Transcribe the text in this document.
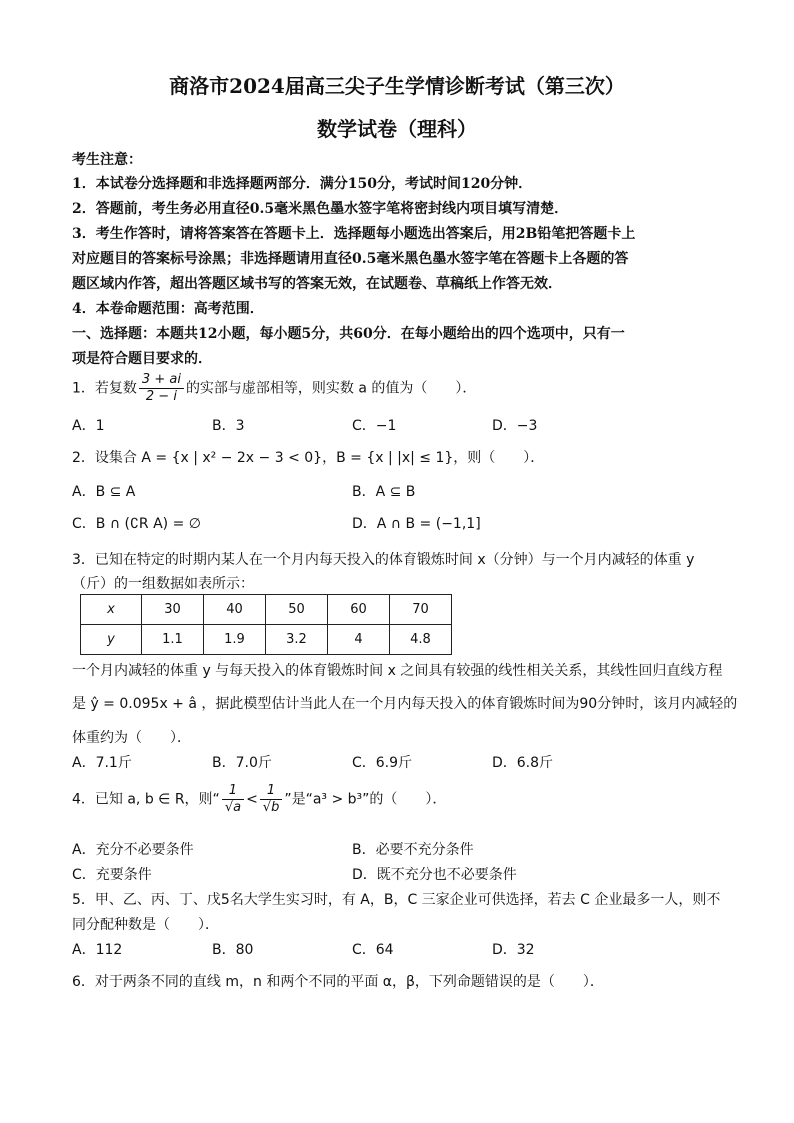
商洛市2024届高三尖子生学情诊断考试（第三次）
数学试卷（理科）
考生注意：
1．本试卷分选择题和非选择题两部分．满分150分，考试时间120分钟．
2．答题前，考生务必用直径0.5毫米黑色墨水签字笔将密封线内项目填写清楚．
3．考生作答时，请将答案答在答题卡上．选择题每小题选出答案后，用2B铅笔把答题卡上
对应题目的答案标号涂黑；非选择题请用直径0.5毫米黑色墨水签字笔在答题卡上各题的答
题区域内作答，超出答题区域书写的答案无效，在试题卷、草稿纸上作答无效．
4．本卷命题范围：高考范围．
一、选择题：本题共12小题，每小题5分，共60分．在每小题给出的四个选项中，只有一
项是符合题目要求的．
1．若复数 $\frac{3 + ai}{2 - i}$ 的实部与虚部相等，则实数 a 的值为（　　）．
A．1	B．3	C．−1	D．−3
2．设集合 A = {x | x² − 2x − 3 < 0}，B = {x | |x| ≤ 1}，则（　　）．
A．B ⊆ A	B．A ⊆ B
C．B ∩ (∁R A) = ∅	D．A ∩ B = (−1,1]
3．已知在特定的时期内某人在一个月内每天投入的体育锻炼时间 x（分钟）与一个月内减轻的体重 y
（斤）的一组数据如表所示：
x	30	40	50	60	70
y	1.1	1.9	3.2	4	4.8
一个月内减轻的体重 y 与每天投入的体育锻炼时间 x 之间具有较强的线性相关关系，其线性回归直线方程
是 ŷ = 0.095x + â ，据此模型估计当此人在一个月内每天投入的体育锻炼时间为90分钟时，该月内减轻的
体重约为（　　）．
A．7.1斤	B．7.0斤	C．6.9斤	D．6.8斤
4．已知 a, b ∈ R，则“ $\frac{1}{√a} < \frac{1}{√b}$ ”是“a³ > b³”的（　　）．
A．充分不必要条件	B．必要不充分条件
C．充要条件	D．既不充分也不必要条件
5．甲、乙、丙、丁、戊5名大学生实习时，有 A，B，C 三家企业可供选择，若去 C 企业最多一人，则不
同分配种数是（　　）．
A．112	B．80	C．64	D．32
6．对于两条不同的直线 m，n 和两个不同的平面 α，β，下列命题错误的是（　　）．
